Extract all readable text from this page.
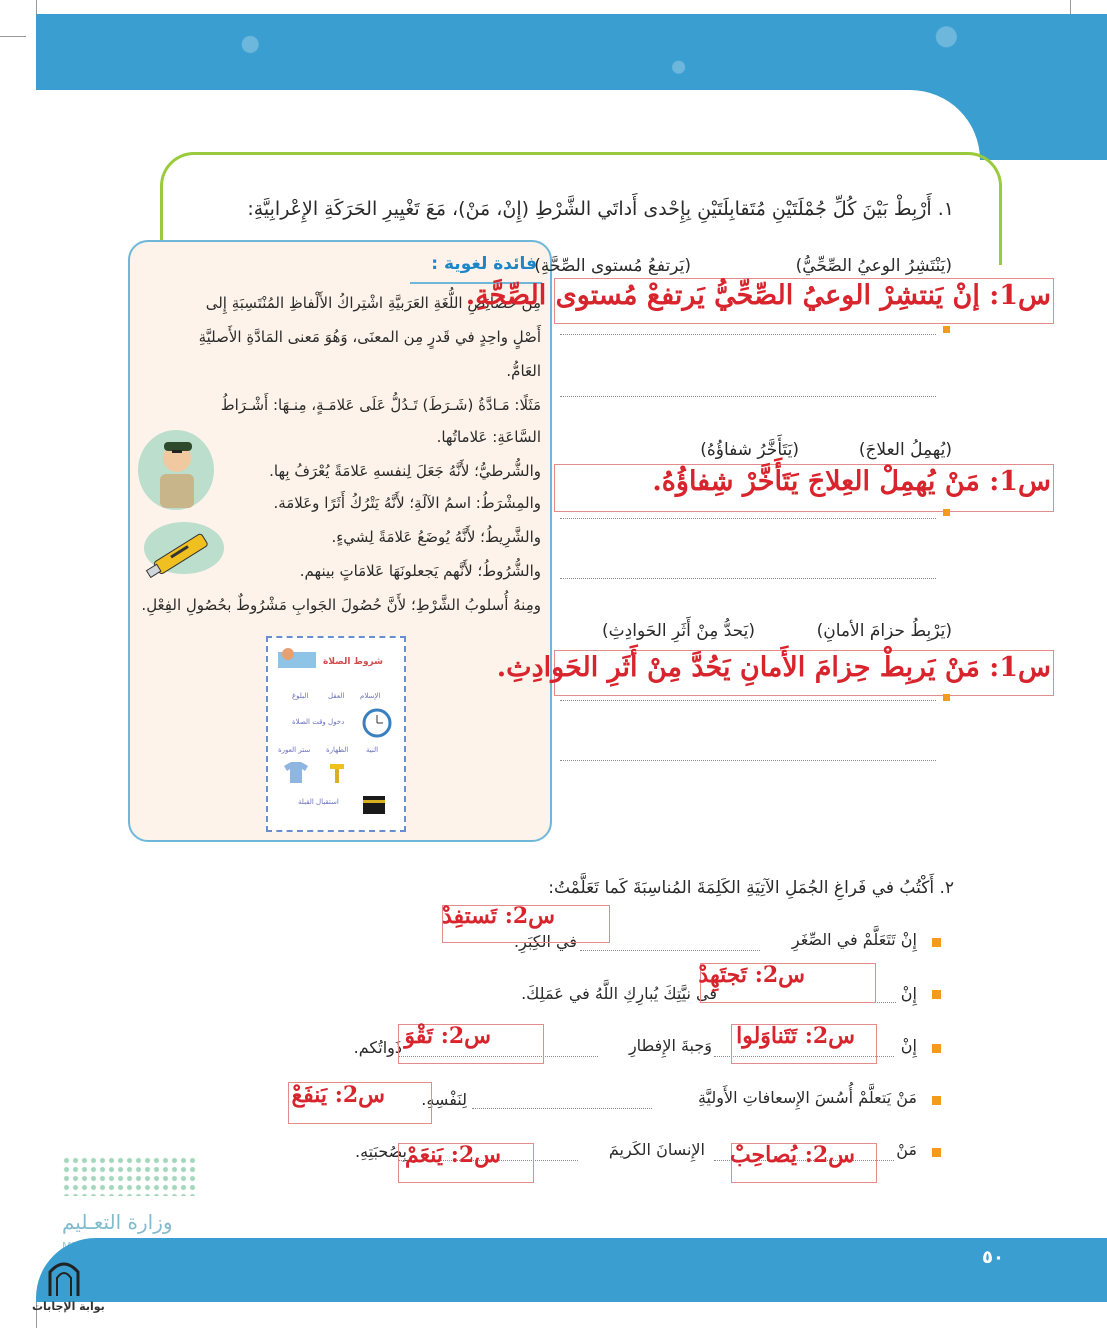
١. أَرْبِطْ بَيْنَ كُلِّ جُمْلَتَيْنِ مُتَقابِلَتَيْنِ بِإِحْدى أَداتَي الشَّرْطِ (إِنْ، مَنْ)، مَعَ تَغْيِيرِ الحَرَكَةِ الإِعْرابِيَّةِ:
فائدة لغوية :
مِن خَصائِصِ اللُّغَةِ العَرَبيَّةِ اشْتِراكُ الأَلْفاظِ المُنْتَسِبَةِ إِلى
أَصْلٍ واحِدٍ في قَدرٍ مِن المعنَى، وَهُوَ مَعنى المَادَّةِ الأَصليَّةِ
العَامُّ.
مَثَلًا: مَـادَّةُ (شَـرَطَ) تَـدُلُّ عَلَى عَلامَـةٍ، مِنـهَا: أَشْـرَاطُ
السَّاعَةِ: عَلاماتُها.
والشُّرطيُّ؛ لأَنَّهُ جَعَلَ لِنفسهِ عَلامَةً يُعْرَفُ بِها.
والمِشْرَطُ: اسمُ الآلَةِ؛ لأَنَّهُ يَتْرُكُ أَثَرًا وعَلامَة.
والشَّرِيطُ؛ لأَنَّهُ يُوضَعُ عَلامَةً لِشيءٍ.
والشُّرُوطُ؛ لأَنَّهم يَجعلونَهَا عَلامَاتٍ بينهم.
ومِنهُ أُسلوبُ الشَّرْطِ؛ لأَنَّ حُصُولَ الجَوابِ مَشْرُوطٌ بحُصُولِ الفِعْلِ.
شروط الصلاة
الإسلام
العقل
البلوغ
دخول وقت الصلاة
النية
الطهارة
ستر العورة
استقبال القبلة
(يَنْتَشِرُ الوعيُ الصِّحِّيُّ)
(يَرتفعُ مُستوى الصِّحَّةِ)
س1: إنْ يَنتشِرْ الوعيُ الصِّحِّيُّ يَرتفعْ مُستوى الصِّحَّةِ.
(يُهمِلُ العلاجَ)
(يَتَأَخَّرُ شفاؤُهُ)
س1: مَنْ يُهمِلْ العِلاجَ يَتَأَخَّرْ شِفاؤُهُ.
(يَرْبِطُ حزامَ الأمانِ)
(يَحدُّ مِنْ أَثَرِ الحَوادِثِ)
س1: مَنْ يَربِطْ حِزامَ الأَمانِ يَحُدَّ مِنْ أَثَرِ الحَوادِثِ.
٢. أَكْتُبُ في فَراغِ الجُمَلِ الآتِيَةِ الكَلِمَةَ المُناسِبَةَ كَما تَعَلَّمْتُ:
إِنْ تَتَعَلَّمْ في الصِّغَرِ
في الكِبَرِ.
س2: تَستفِدْ
إِنْ
في نيَّتِكَ يُبارِكِ اللَّهُ في عَمَلِكَ.
س2: تَجتَهِدْ
إِنْ
وَجبةَ الإِفطارِ
ذَواتُكم.	س2: تَتَناوَلوا
س2: تَقْوَ
مَنْ يَتعلَّمْ أُسُسَ الإِسعافاتِ الأَوليَّةِ
لِنَفْسِهِ.
س2: يَنفَعْ
مَنْ
الإِنسانَ الكَريمَ
بِصُحبَتِهِ.	س2: يُصاحِبْ
س2: يَنعَمْ
وزارة التعـليم
٥٠
بوابة الإجابات
